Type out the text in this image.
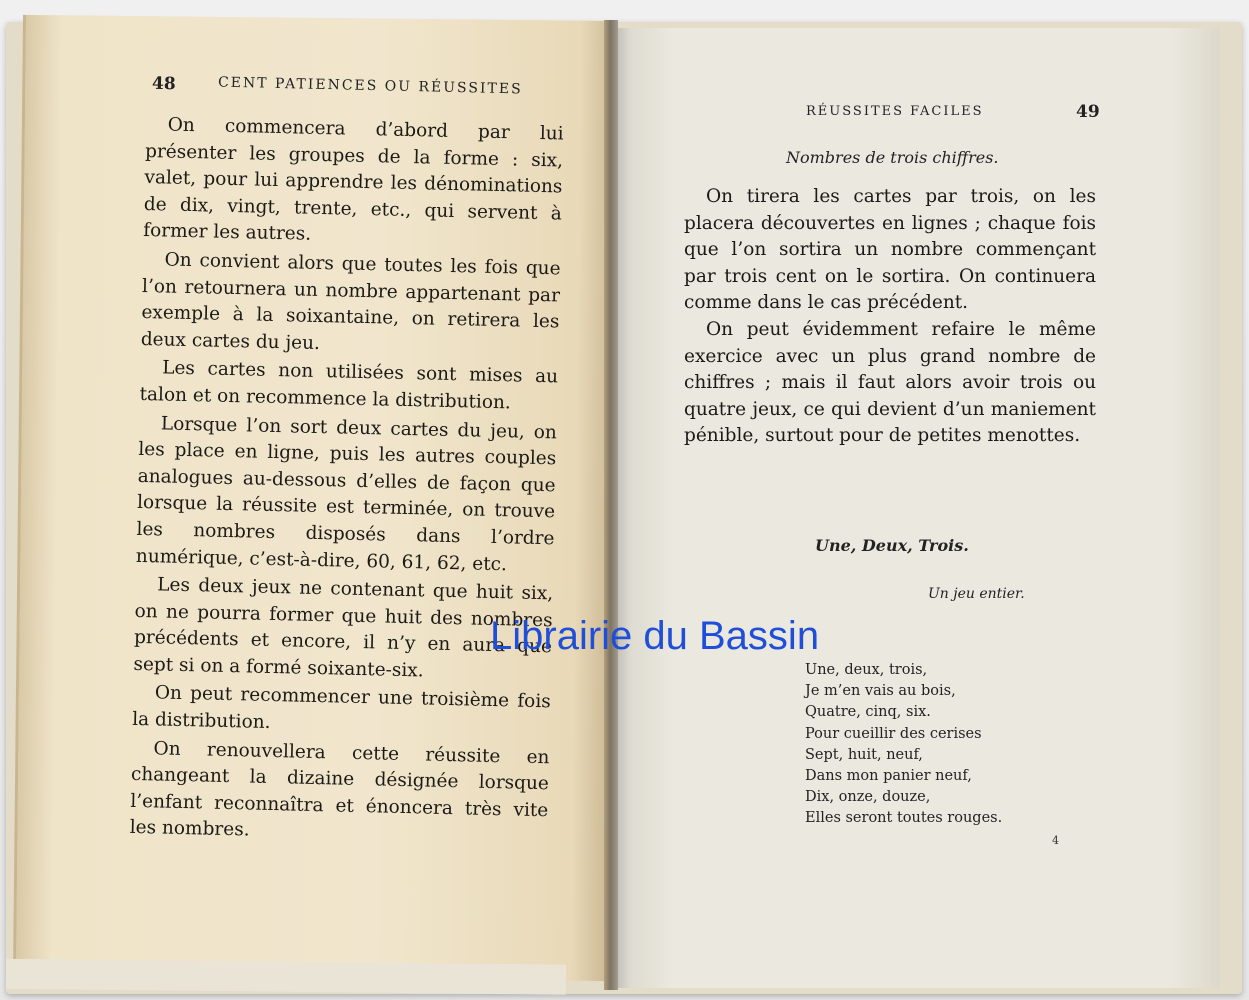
48	CENT PATIENCES OU RÉUSSITES

On commencera d’abord par lui présenter les groupes de la forme : six, valet, pour lui apprendre les dénominations de dix, vingt, trente, etc., qui servent à former les autres.

On convient alors que toutes les fois que l’on retournera un nombre appartenant par exemple à la soixantaine, on retirera les deux cartes du jeu.

Les cartes non utilisées sont mises au talon et on recommence la distribution.

Lorsque l’on sort deux cartes du jeu, on les place en ligne, puis les autres couples analogues au-dessous d’elles de façon que lorsque la réussite est terminée, on trouve les nombres disposés dans l’ordre numérique, c’est-à-dire, 60, 61, 62, etc.

Les deux jeux ne contenant que huit six, on ne pourra former que huit des nombres précédents et encore, il n’y en aura que sept si on a formé soixante-six.

On peut recommencer une troisième fois la distribution.

On renouvellera cette réussite en changeant la dizaine désignée lorsque l’enfant reconnaîtra et énoncera très vite les nombres.

RÉUSSITES FACILES	49
Nombres de trois chiffres.

On tirera les cartes par trois, on les placera découvertes en lignes ; chaque fois que l’on sortira un nombre commençant par trois cent on le sortira. On continuera comme dans le cas précédent.

On peut évidemment refaire le même exercice avec un plus grand nombre de chiffres ; mais il faut alors avoir trois ou quatre jeux, ce qui devient d’un maniement pénible, surtout pour de petites menottes.

Une, Deux, Trois.
Un jeu entier.
Une, deux, trois,
Je m’en vais au bois,
Quatre, cinq, six.
Pour cueillir des cerises
Sept, huit, neuf,
Dans mon panier neuf,
Dix, onze, douze,
Elles seront toutes rouges.
4
Librairie du Bassin
